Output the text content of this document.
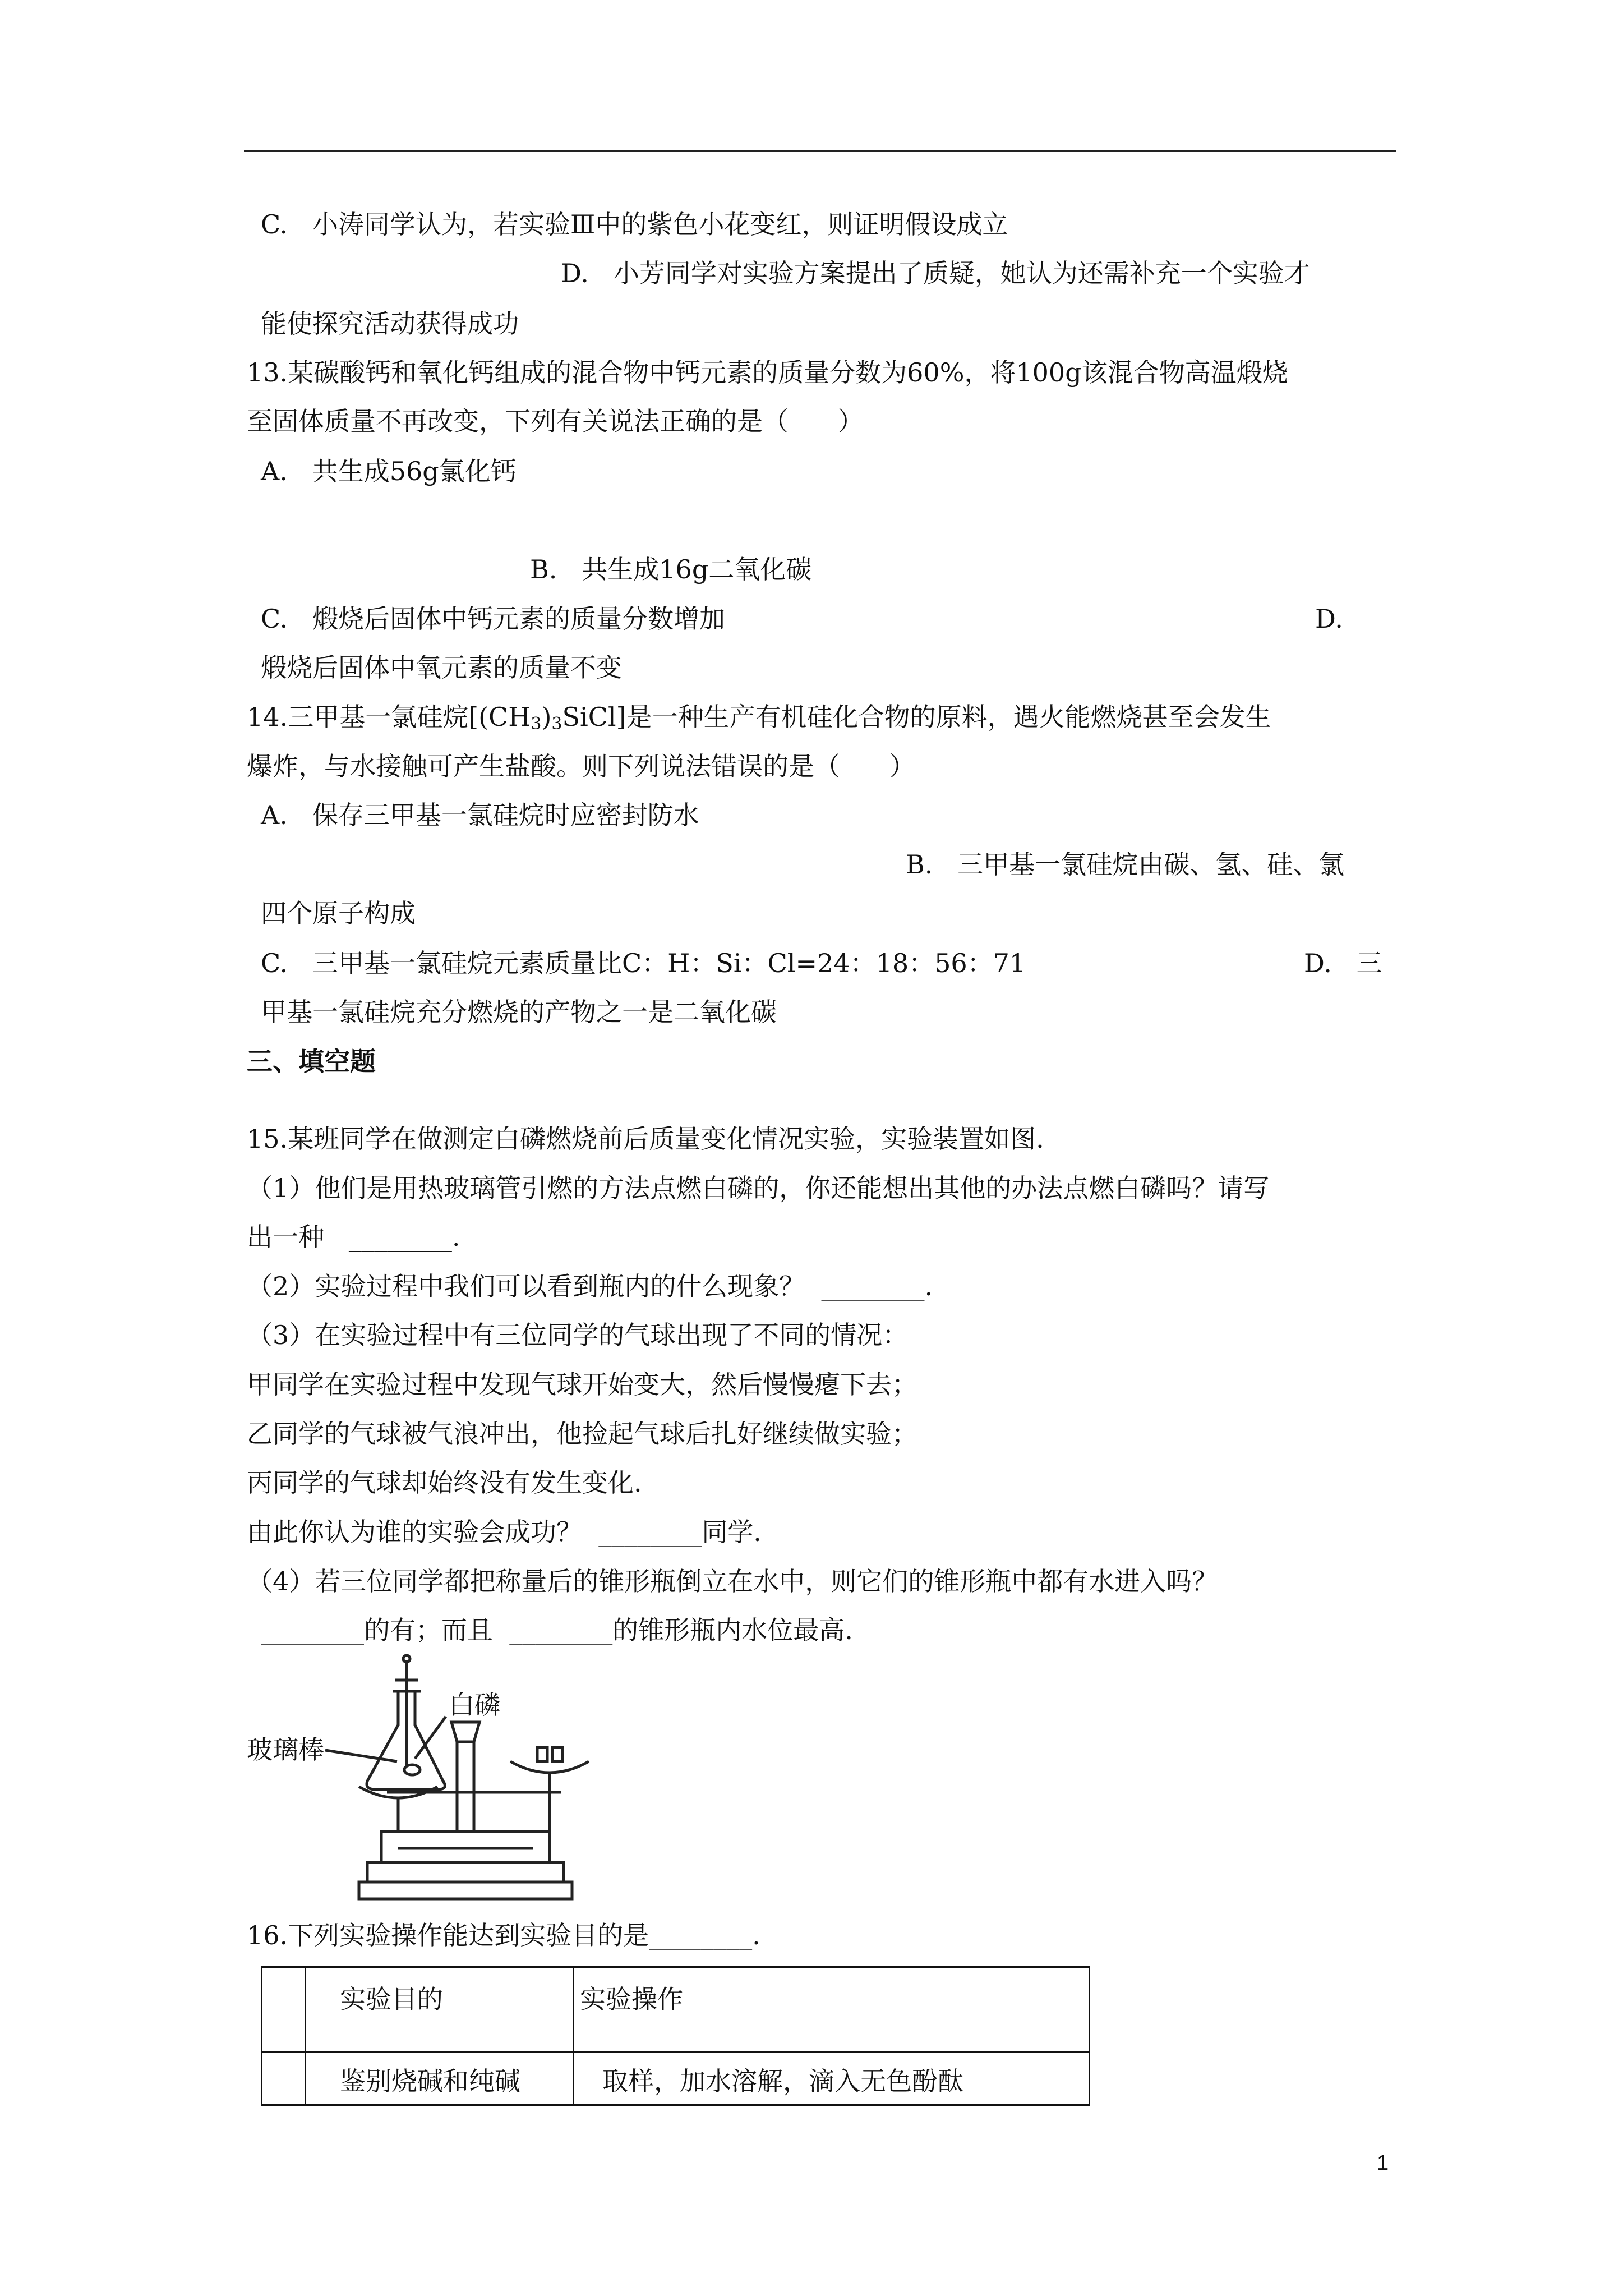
C.   小涛同学认为，若实验Ⅲ中的紫色小花变红，则证明假设成立
D.   小芳同学对实验方案提出了质疑，她认为还需补充一个实验才
能使探究活动获得成功
13.某碳酸钙和氧化钙组成的混合物中钙元素的质量分数为60%，将100g该混合物高温煅烧
至固体质量不再改变，下列有关说法正确的是（      ）
A.   共生成56g氯化钙
B.   共生成16g二氧化碳
C.   煅烧后固体中钙元素的质量分数增加	D.
煅烧后固体中氧元素的质量不变
14.三甲基一氯硅烷$[(CH_3)_3SiCl]$是一种生产有机硅化合物的原料，遇火能燃烧甚至会发生
爆炸，与水接触可产生盐酸。则下列说法错误的是（      ）
A.   保存三甲基一氯硅烷时应密封防水
B.   三甲基一氯硅烷由碳、氢、硅、氯
四个原子构成
C.   三甲基一氯硅烷元素质量比C：H：Si：Cl=24：18：56：71	D.   三
甲基一氯硅烷充分燃烧的产物之一是二氧化碳
三、填空题
15.某班同学在做测定白磷燃烧前后质量变化情况实验，实验装置如图.
（1）他们是用热玻璃管引燃的方法点燃白磷的，你还能想出其他的办法点燃白磷吗？请写
出一种   ________.
（2）实验过程中我们可以看到瓶内的什么现象？  ________.
（3）在实验过程中有三位同学的气球出现了不同的情况：
甲同学在实验过程中发现气球开始变大，然后慢慢瘪下去；
乙同学的气球被气浪冲出，他捡起气球后扎好继续做实验；
丙同学的气球却始终没有发生变化.
由此你认为谁的实验会成功？  ________同学.
（4）若三位同学都把称量后的锥形瓶倒立在水中，则它们的锥形瓶中都有水进入吗？
________的有；而且  ________的锥形瓶内水位最高.
白磷
玻璃棒
16.下列实验操作能达到实验目的是________.
	实验目的	实验操作
	鉴别烧碱和纯碱	取样，加水溶解，滴入无色酚酞
1
